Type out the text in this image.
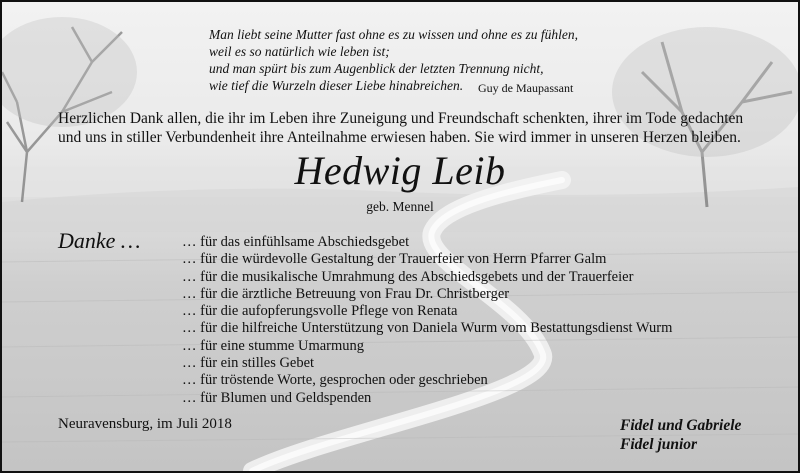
Man liebt seine Mutter fast ohne es zu wissen und ohne es zu fühlen,
weil es so natürlich wie leben ist;
und man spürt bis zum Augenblick der letzten Trennung nicht,
wie tief die Wurzeln dieser Liebe hinabreichen.	Guy de Maupassant
Herzlichen Dank allen, die ihr im Leben ihre Zuneigung und Freundschaft schenkten, ihrer im Tode gedachten
und uns in stiller Verbundenheit ihre Anteilnahme erwiesen haben. Sie wird immer in unseren Herzen bleiben.
Hedwig Leib
geb. Mennel
Danke …	… für das einfühlsame Abschiedsgebet
… für die würdevolle Gestaltung der Trauerfeier von Herrn Pfarrer Galm
… für die musikalische Umrahmung des Abschiedsgebets und der Trauerfeier
… für die ärztliche Betreuung von Frau Dr. Christberger
… für die aufopferungsvolle Pflege von Renata
… für die hilfreiche Unterstützung von Daniela Wurm vom Bestattungsdienst Wurm
… für eine stumme Umarmung
… für ein stilles Gebet
… für tröstende Worte, gesprochen oder geschrieben
… für Blumen und Geldspenden
Neuravensburg, im Juli 2018	Fidel und Gabriele
Fidel junior
